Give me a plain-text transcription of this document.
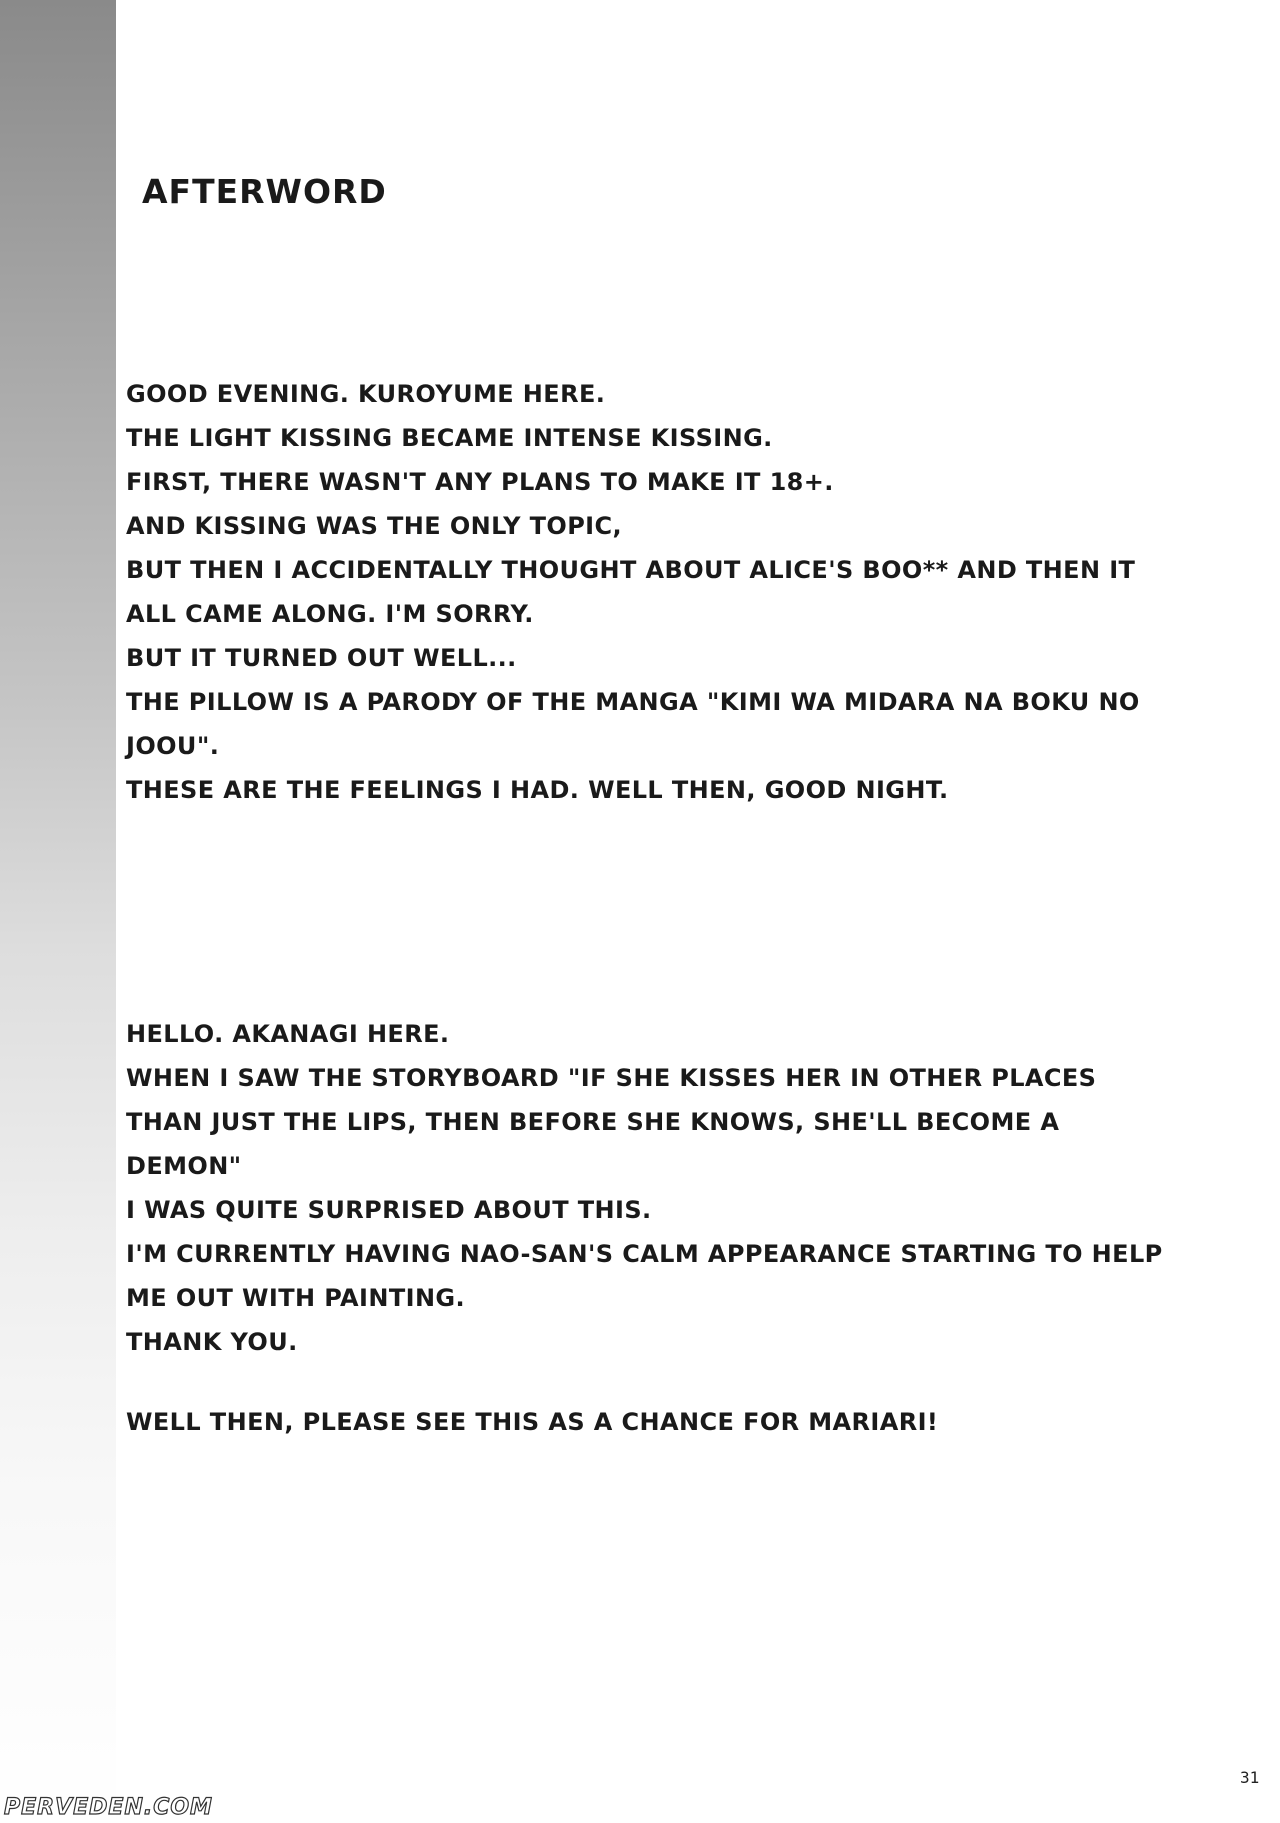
AFTERWORD
GOOD EVENING. KUROYUME HERE.
THE LIGHT KISSING BECAME INTENSE KISSING.
FIRST, THERE WASN'T ANY PLANS TO MAKE IT 18+.
AND KISSING WAS THE ONLY TOPIC,
BUT THEN I ACCIDENTALLY THOUGHT ABOUT ALICE'S BOO** AND THEN IT
ALL CAME ALONG. I'M SORRY.
BUT IT TURNED OUT WELL...
THE PILLOW IS A PARODY OF THE MANGA "KIMI WA MIDARA NA BOKU NO
JOOU".
THESE ARE THE FEELINGS I HAD. WELL THEN, GOOD NIGHT.
HELLO. AKANAGI HERE.
WHEN I SAW THE STORYBOARD "IF SHE KISSES HER IN OTHER PLACES
THAN JUST THE LIPS, THEN BEFORE SHE KNOWS, SHE'LL BECOME A
DEMON"
I WAS QUITE SURPRISED ABOUT THIS.
I'M CURRENTLY HAVING NAO-SAN'S CALM APPEARANCE STARTING TO HELP
ME OUT WITH PAINTING.
THANK YOU.
WELL THEN, PLEASE SEE THIS AS A CHANCE FOR MARIARI!
31
PERVEDEN.COM
